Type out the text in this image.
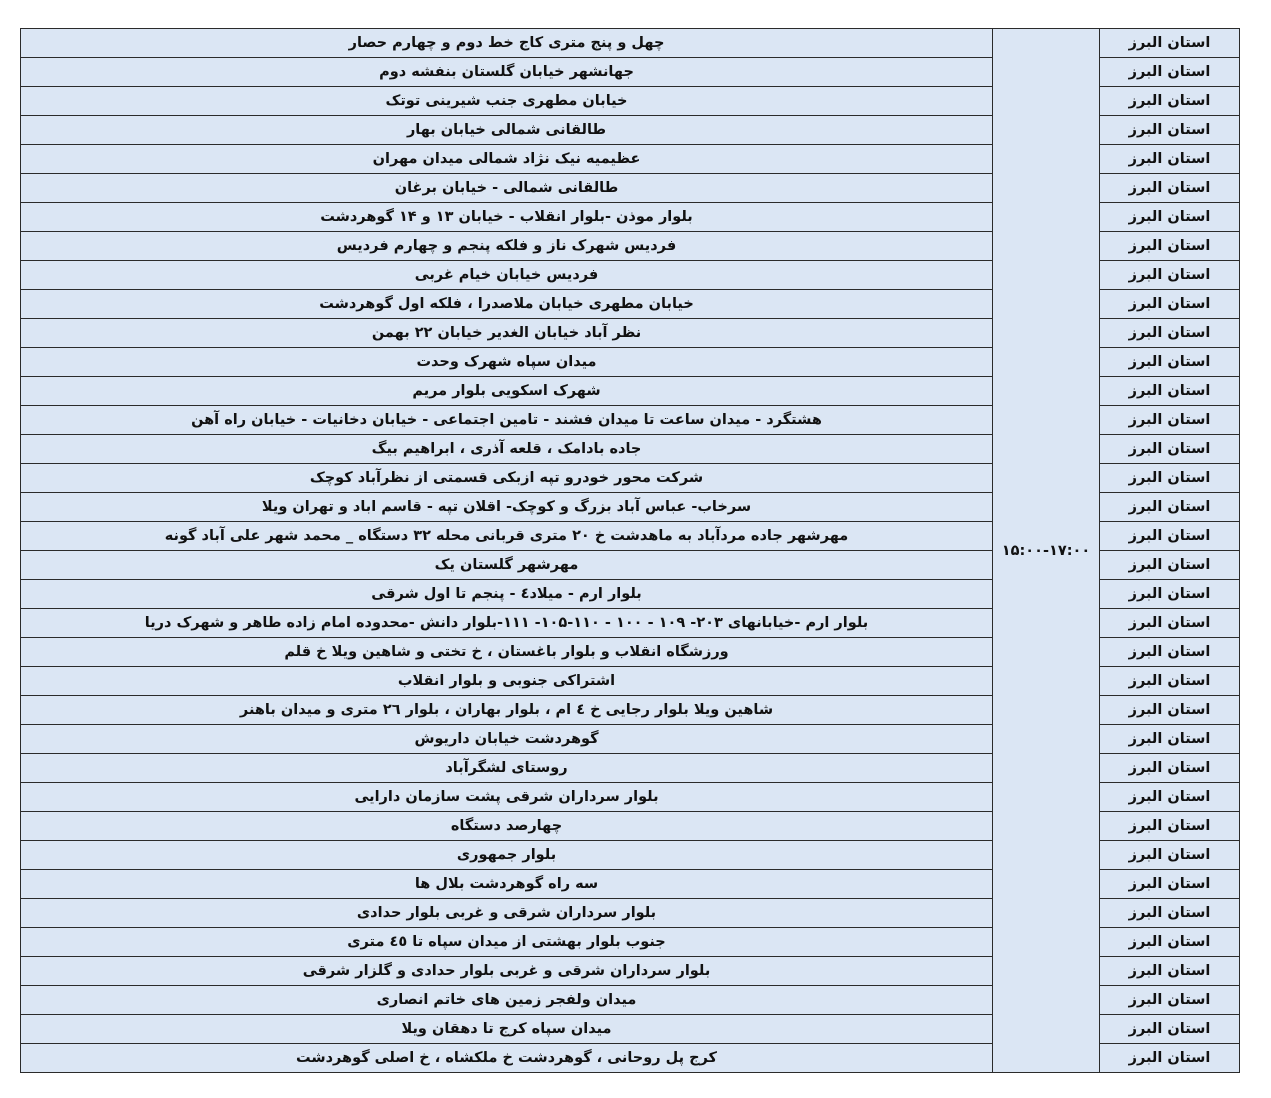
استان البرز	۱۵:۰۰-۱۷:۰۰	چهل و پنج متری کاج خط دوم و چهارم حصار
استان البرز		جهانشهر خیابان گلستان بنفشه دوم
استان البرز		خیابان مطهری جنب شیرینی توتک
استان البرز		طالقانی شمالی خیابان بهار
استان البرز		عظیمیه نیک نژاد شمالی میدان مهران
استان البرز		طالقانی شمالی - خیابان برغان
استان البرز		بلوار موذن -بلوار انقلاب - خیابان ۱۳ و ۱۴ گوهردشت
استان البرز		فردیس شهرک ناز و فلکه پنجم و چهارم فردیس
استان البرز		فردیس خیابان خیام غربی
استان البرز		خیابان مطهری خیابان ملاصدرا ، فلکه اول گوهردشت
استان البرز		نظر آباد خیابان الغدیر خیابان ۲۲ بهمن
استان البرز		میدان سپاه شهرک وحدت
استان البرز		شهرک اسکویی بلوار مریم
استان البرز		هشتگرد - میدان ساعت تا میدان فشند - تامین اجتماعی - خیابان دخانیات - خیابان راه آهن
استان البرز		جاده بادامک ، قلعه آذری ، ابراهیم بیگ
استان البرز		شرکت محور خودرو تپه ازبکی قسمتی از نظرآباد کوچک
استان البرز		سرخاب- عباس آباد بزرگ و کوچک- اقلان تپه - قاسم اباد و تهران ویلا
استان البرز		مهرشهر جاده مردآباد به ماهدشت خ ۲۰ متری قربانی محله ۳۲ دستگاه _ محمد شهر علی آباد گونه
استان البرز		مهرشهر گلستان یک
استان البرز		بلوار ارم - میلاد٤ - پنجم تا اول شرقی
استان البرز		بلوار ارم -خیابانهای ۲۰۳- ۱۰۹ - ۱۰۰ - ۱۱۰-۱۰۵- ۱۱۱-بلوار دانش -محدوده امام زاده طاهر و شهرک دریا
استان البرز		ورزشگاه انقلاب و بلوار باغستان ، خ تختی و شاهین ویلا خ قلم
استان البرز		اشتراکی جنوبی و بلوار انقلاب
استان البرز		شاهین ویلا بلوار رجایی خ ٤ ام ، بلوار بهاران ، بلوار ۲٦ متری و میدان باهنر
استان البرز		گوهردشت خیابان داریوش
استان البرز		روستای لشگرآباد
استان البرز		بلوار سرداران شرقی پشت سازمان دارایی
استان البرز		چهارصد دستگاه
استان البرز		بلوار جمهوری
استان البرز		سه راه گوهردشت بلال ها
استان البرز		بلوار سرداران شرقی و غربی بلوار حدادی
استان البرز		جنوب بلوار بهشتی از میدان سپاه تا ٤٥ متری
استان البرز		بلوار سرداران شرقی و غربی بلوار حدادی و گلزار شرقی
استان البرز		میدان ولفجر زمین های خاتم انصاری
استان البرز		میدان سپاه کرج تا دهقان ویلا
استان البرز		کرج پل روحانی ، گوهردشت خ ملکشاه ، خ اصلی گوهردشت
